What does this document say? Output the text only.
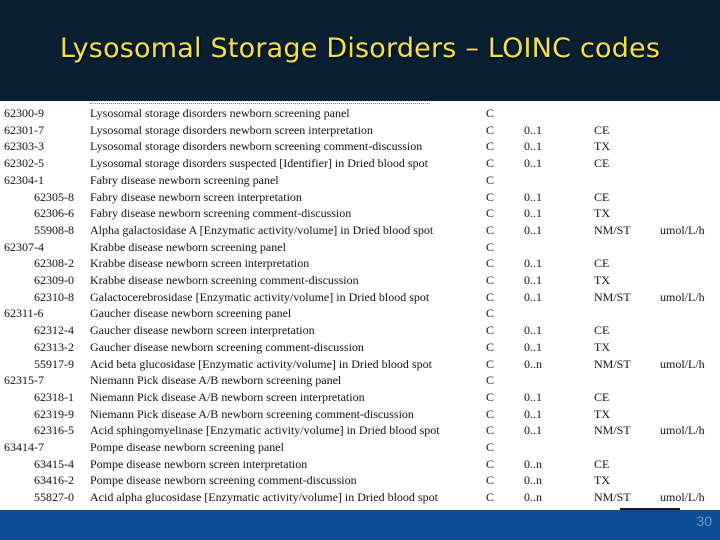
Lysosomal Storage Disorders – LOINC codes
62300-9	Lysosomal storage disorders newborn screening panel	C			
62301-7	Lysosomal storage disorders newborn screen interpretation	C	0..1	CE	
62303-3	Lysosomal storage disorders newborn screening comment-discussion	C	0..1	TX	
62302-5	Lysosomal storage disorders suspected [Identifier] in Dried blood spot	C	0..1	CE	
62304-1	Fabry disease newborn screening panel	C			
62305-8	Fabry disease newborn screen interpretation	C	0..1	CE	
62306-6	Fabry disease newborn screening comment-discussion	C	0..1	TX	
55908-8	Alpha galactosidase A [Enzymatic activity/volume] in Dried blood spot	C	0..1	NM/ST	umol/L/h
62307-4	Krabbe disease newborn screening panel	C			
62308-2	Krabbe disease newborn screen interpretation	C	0..1	CE	
62309-0	Krabbe disease newborn screening comment-discussion	C	0..1	TX	
62310-8	Galactocerebrosidase [Enzymatic activity/volume] in Dried blood spot	C	0..1	NM/ST	umol/L/h
62311-6	Gaucher disease newborn screening panel	C			
62312-4	Gaucher disease newborn screen interpretation	C	0..1	CE	
62313-2	Gaucher disease newborn screening comment-discussion	C	0..1	TX	
55917-9	Acid beta glucosidase [Enzymatic activity/volume] in Dried blood spot	C	0..n	NM/ST	umol/L/h
62315-7	Niemann Pick disease A/B newborn screening panel	C			
62318-1	Niemann Pick disease A/B newborn screen interpretation	C	0..1	CE	
62319-9	Niemann Pick disease A/B newborn screening comment-discussion	C	0..1	TX	
62316-5	Acid sphingomyelinase [Enzymatic activity/volume] in Dried blood spot	C	0..1	NM/ST	umol/L/h
63414-7	Pompe disease newborn screening panel	C			
63415-4	Pompe disease newborn screen interpretation	C	0..n	CE	
63416-2	Pompe disease newborn screening comment-discussion	C	0..n	TX	
55827-0	Acid alpha glucosidase [Enzymatic activity/volume] in Dried blood spot	C	0..n	NM/ST	umol/L/h
30
